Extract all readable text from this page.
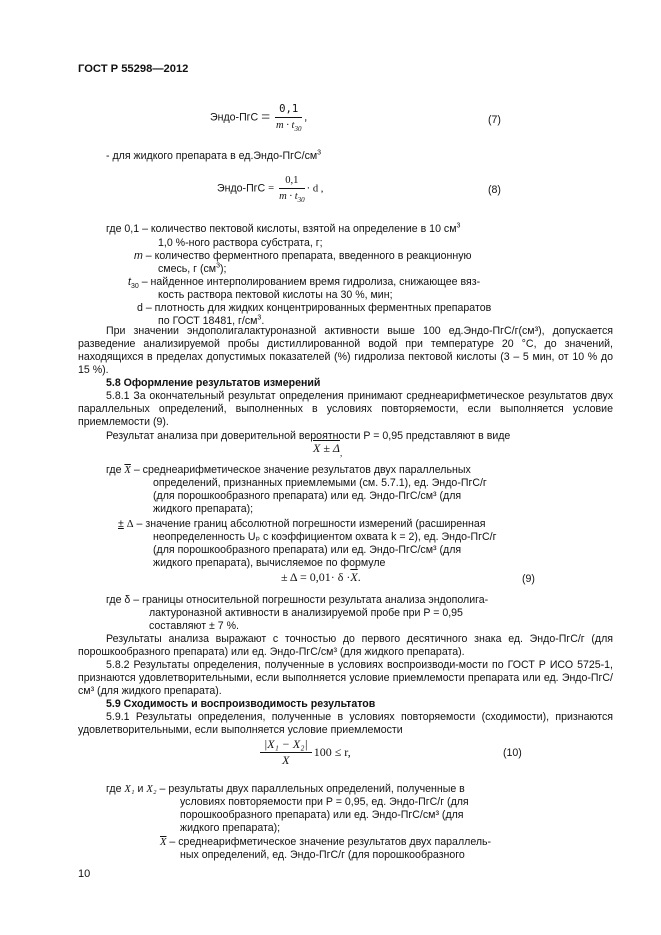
ГОСТ Р 55298—2012
Эндо-ПгС = $\frac{0,1}{m \cdot t_{30}}$ ,	(7)
- для жидкого препарата в $ед.Эндо-ПгС/см^3$
Эндо-ПгС = $\frac{0,1}{m \cdot t_{30}} \cdot d$ ,	(8)
где 0,1 – количество пектовой кислоты, взятой на определение в 10 $см^3$
1,0 %-ного раствора субстрата, г;
m – количество ферментного препарата, введенного в реакционную
смесь, г $(см^3)$;
$t_{30}$ – найденное интерполированием время гидролиза, снижающее вяз-
кость раствора пектовой кислоты на 30 %, мин;
d – плотность для жидких концентрированных ферментных препаратов
по ГОСТ 18481, $г/см^3$.
При значении эндополигалактуроназной активности выше 100 ед.Эндо-ПгС/г(см³), допускается разведение анализируемой пробы дистиллированной водой при температуре 20 °С, до значений, находящихся в пределах допустимых показателей (%) гидролиза пектовой кислоты (3 – 5 мин, от 10 % до 15 %).
5.8 Оформление результатов измерений
5.8.1 За окончательный результат определения принимают среднеарифметическое результатов двух параллельных определений, выполненных в условиях повторяемости, если выполняется условие приемлемости (9).
Результат анализа при доверительной вероятности P = 0,95 представляют в виде
$X \pm \Delta_,$
где $\overline{X}$ – среднеарифметическое значение результатов двух параллельных
определений, признанных приемлемыми (см. 5.7.1), ед. Эндо-ПгС/г
(для порошкообразного препарата) или ед. Эндо-ПгС/см³ (для
жидкого препарата);
± Δ – значение границ абсолютной погрешности измерений (расширенная
неопределенность Uₚ с коэффициентом охвата k = 2), ед. Эндо-ПгС/г
(для порошкообразного препарата) или ед. Эндо-ПгС/см³ (для
жидкого препарата), вычисляемое по формуле
± $\Delta = 0,01\cdot \delta \cdot\overline{X}$.	(9)
где δ – границы относительной погрешности результата анализа эндополига-
лактуроназной активности в анализируемой пробе при P = 0,95
составляют ± 7 %.
Результаты анализа выражают с точностью до первого десятичного знака ед. Эндо-ПгС/г (для порошкообразного препарата) или ед. Эндо-ПгС/см³ (для жидкого препарата).
5.8.2 Результаты определения, полученные в условиях воспроизводи-мости по ГОСТ Р ИСО 5725-1, признаются удовлетворительными, если выполняется условие приемлемости препарата или ед. Эндо-ПгС/см³ (для жидкого препарата).
5.9 Сходимость и воспроизводимость результатов
5.9.1 Результаты определения, полученные в условиях повторяемости (сходимости), признаются удовлетворительными, если выполняется условие приемлемости
$\frac{\text{|X₁ − X₂|}}{X} 100 \le r$,	(10)
где X₁ и X₂ – результаты двух параллельных определений, полученные в
условиях повторяемости при P = 0,95, ед. Эндо-ПгС/г (для
порошкообразного препарата) или ед. Эндо-ПгС/см³ (для
жидкого препарата);
$\overline{X}$ – среднеарифметическое значение результатов двух параллель-
ных определений, ед. Эндо-ПгС/г (для порошкообразного
10
